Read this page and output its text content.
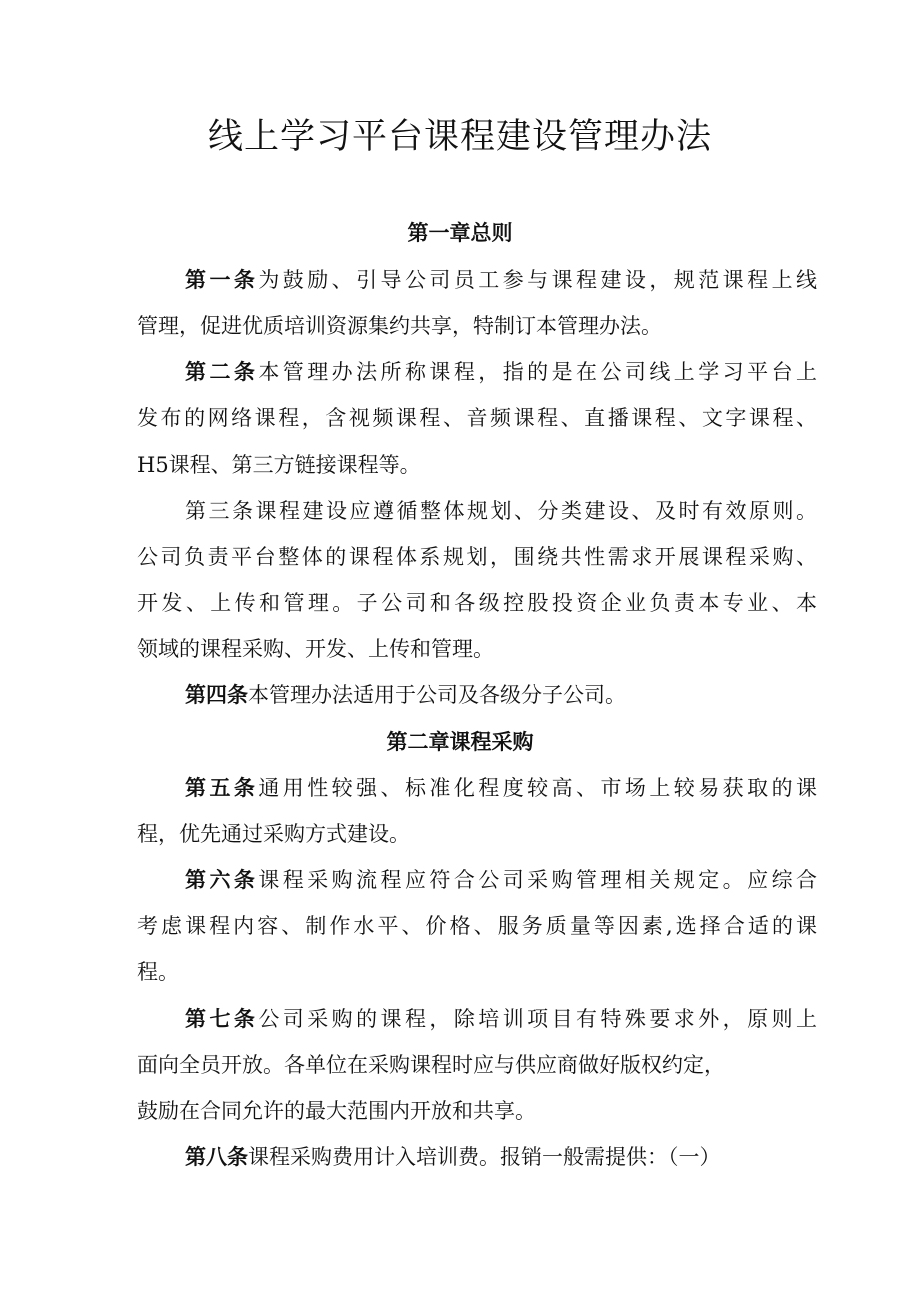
线上学习平台课程建设管理办法
第一章总则

第一条为鼓励、引导公司员工参与课程建设，规范课程上线

管理，促进优质培训资源集约共享，特制订本管理办法。

第二条本管理办法所称课程，指的是在公司线上学习平台上

发布的网络课程，含视频课程、音频课程、直播课程、文字课程、

H5课程、第三方链接课程等。

第三条课程建设应遵循整体规划、分类建设、及时有效原则。

公司负责平台整体的课程体系规划，围绕共性需求开展课程采购、

开发、上传和管理。子公司和各级控股投资企业负责本专业、本

领域的课程采购、开发、上传和管理。

第四条本管理办法适用于公司及各级分子公司。

第二章课程采购

第五条通用性较强、标准化程度较高、市场上较易获取的课

程，优先通过采购方式建设。

第六条课程采购流程应符合公司采购管理相关规定。应综合

考虑课程内容、制作水平、价格、服务质量等因素,选择合适的课

程。

第七条公司采购的课程，除培训项目有特殊要求外，原则上

面向全员开放。各单位在采购课程时应与供应商做好版权约定，

鼓励在合同允许的最大范围内开放和共享。

第八条课程采购费用计入培训费。报销一般需提供：（一）
